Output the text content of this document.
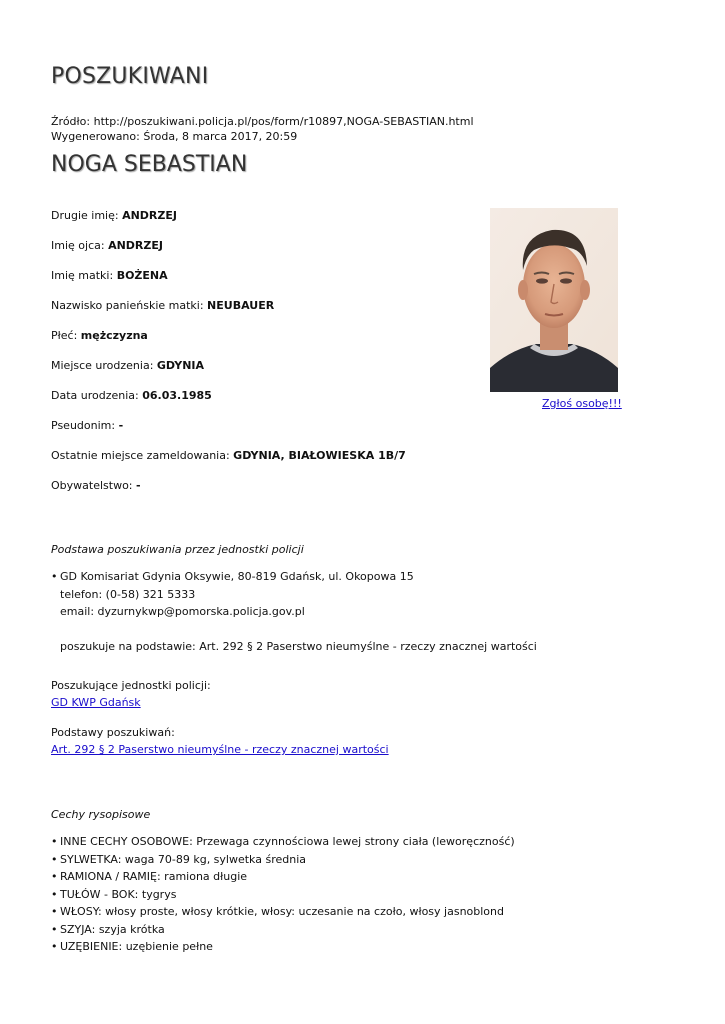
POSZUKIWANI
Źródło: http://poszukiwani.policja.pl/pos/form/r10897,NOGA-SEBASTIAN.html
Wygenerowano: Środa, 8 marca 2017, 20:59
NOGA SEBASTIAN
Drugie imię: ANDRZEJ
Imię ojca: ANDRZEJ
Imię matki: BOŻENA
Nazwisko panieńskie matki: NEUBAUER
Płeć: mężczyzna
Miejsce urodzenia: GDYNIA
Data urodzenia: 06.03.1985
Pseudonim: -
Ostatnie miejsce zameldowania: GDYNIA, BIAŁOWIESKA 1B/7
Obywatelstwo: -
Zgłoś osobę!!!
Podstawa poszukiwania przez jednostki policji
• GD Komisariat Gdynia Oksywie, 80-819 Gdańsk, ul. Okopowa 15
telefon: (0-58) 321 5333
email: dyzurnykwp@pomorska.policja.gov.pl
poszukuje na podstawie: Art. 292 § 2 Paserstwo nieumyślne - rzeczy znacznej wartości
Poszukujące jednostki policji:
GD KWP Gdańsk
Podstawy poszukiwań:
Art. 292 § 2 Paserstwo nieumyślne - rzeczy znacznej wartości
Cechy rysopisowe
• INNE CECHY OSOBOWE: Przewaga czynnościowa lewej strony ciała (leworęczność)
• SYLWETKA: waga 70-89 kg, sylwetka średnia
• RAMIONA / RAMIĘ: ramiona długie
• TUŁÓW - BOK: tygrys
• WŁOSY: włosy proste, włosy krótkie, włosy: uczesanie na czoło, włosy jasnoblond
• SZYJA: szyja krótka
• UZĘBIENIE: uzębienie pełne
